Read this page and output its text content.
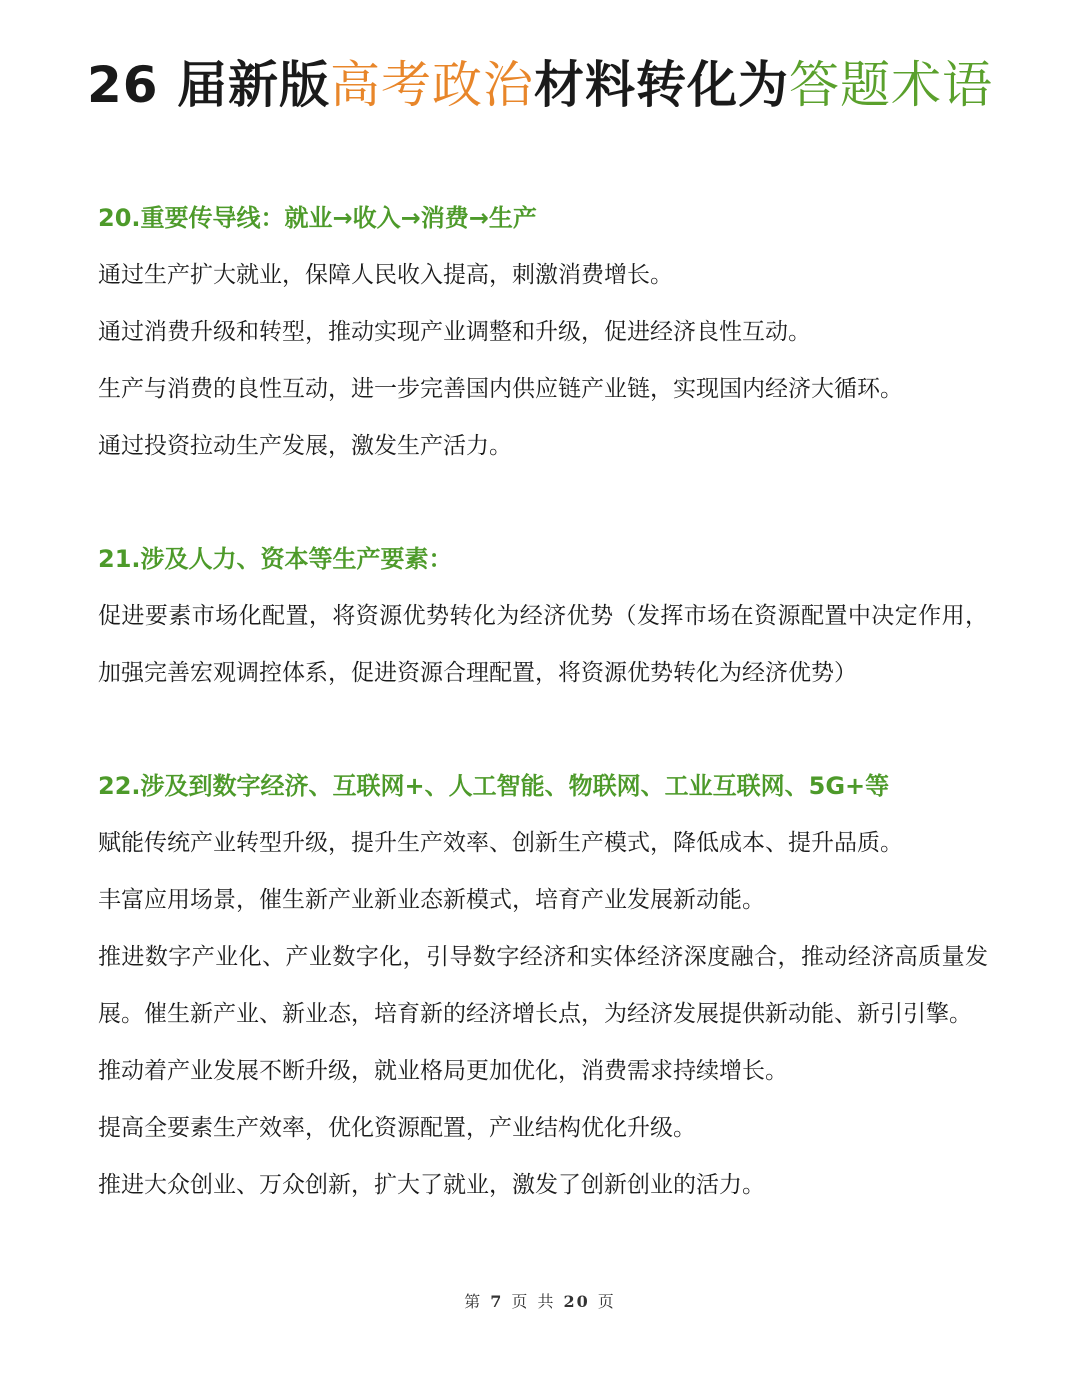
26 届新版高考政治材料转化为答题术语
20.重要传导线：就业→收入→消费→生产

通过生产扩大就业，保障人民收入提高，刺激消费增长。

通过消费升级和转型，推动实现产业调整和升级，促进经济良性互动。

生产与消费的良性互动，进一步完善国内供应链产业链，实现国内经济大循环。

通过投资拉动生产发展，激发生产活力。

21.涉及人力、资本等生产要素：

促进要素市场化配置，将资源优势转化为经济优势（发挥市场在资源配置中决定作用，加强完善宏观调控体系，促进资源合理配置，将资源优势转化为经济优势）

22.涉及到数字经济、互联网+、人工智能、物联网、工业互联网、5G+等

赋能传统产业转型升级，提升生产效率、创新生产模式，降低成本、提升品质。

丰富应用场景，催生新产业新业态新模式，培育产业发展新动能。

推进数字产业化、产业数字化，引导数字经济和实体经济深度融合，推动经济高质量发展。催生新产业、新业态，培育新的经济增长点，为经济发展提供新动能、新引引擎。

推动着产业发展不断升级，就业格局更加优化，消费需求持续增长。

提高全要素生产效率，优化资源配置，产业结构优化升级。

推进大众创业、万众创新，扩大了就业，激发了创新创业的活力。

第 7 页 共 20 页
